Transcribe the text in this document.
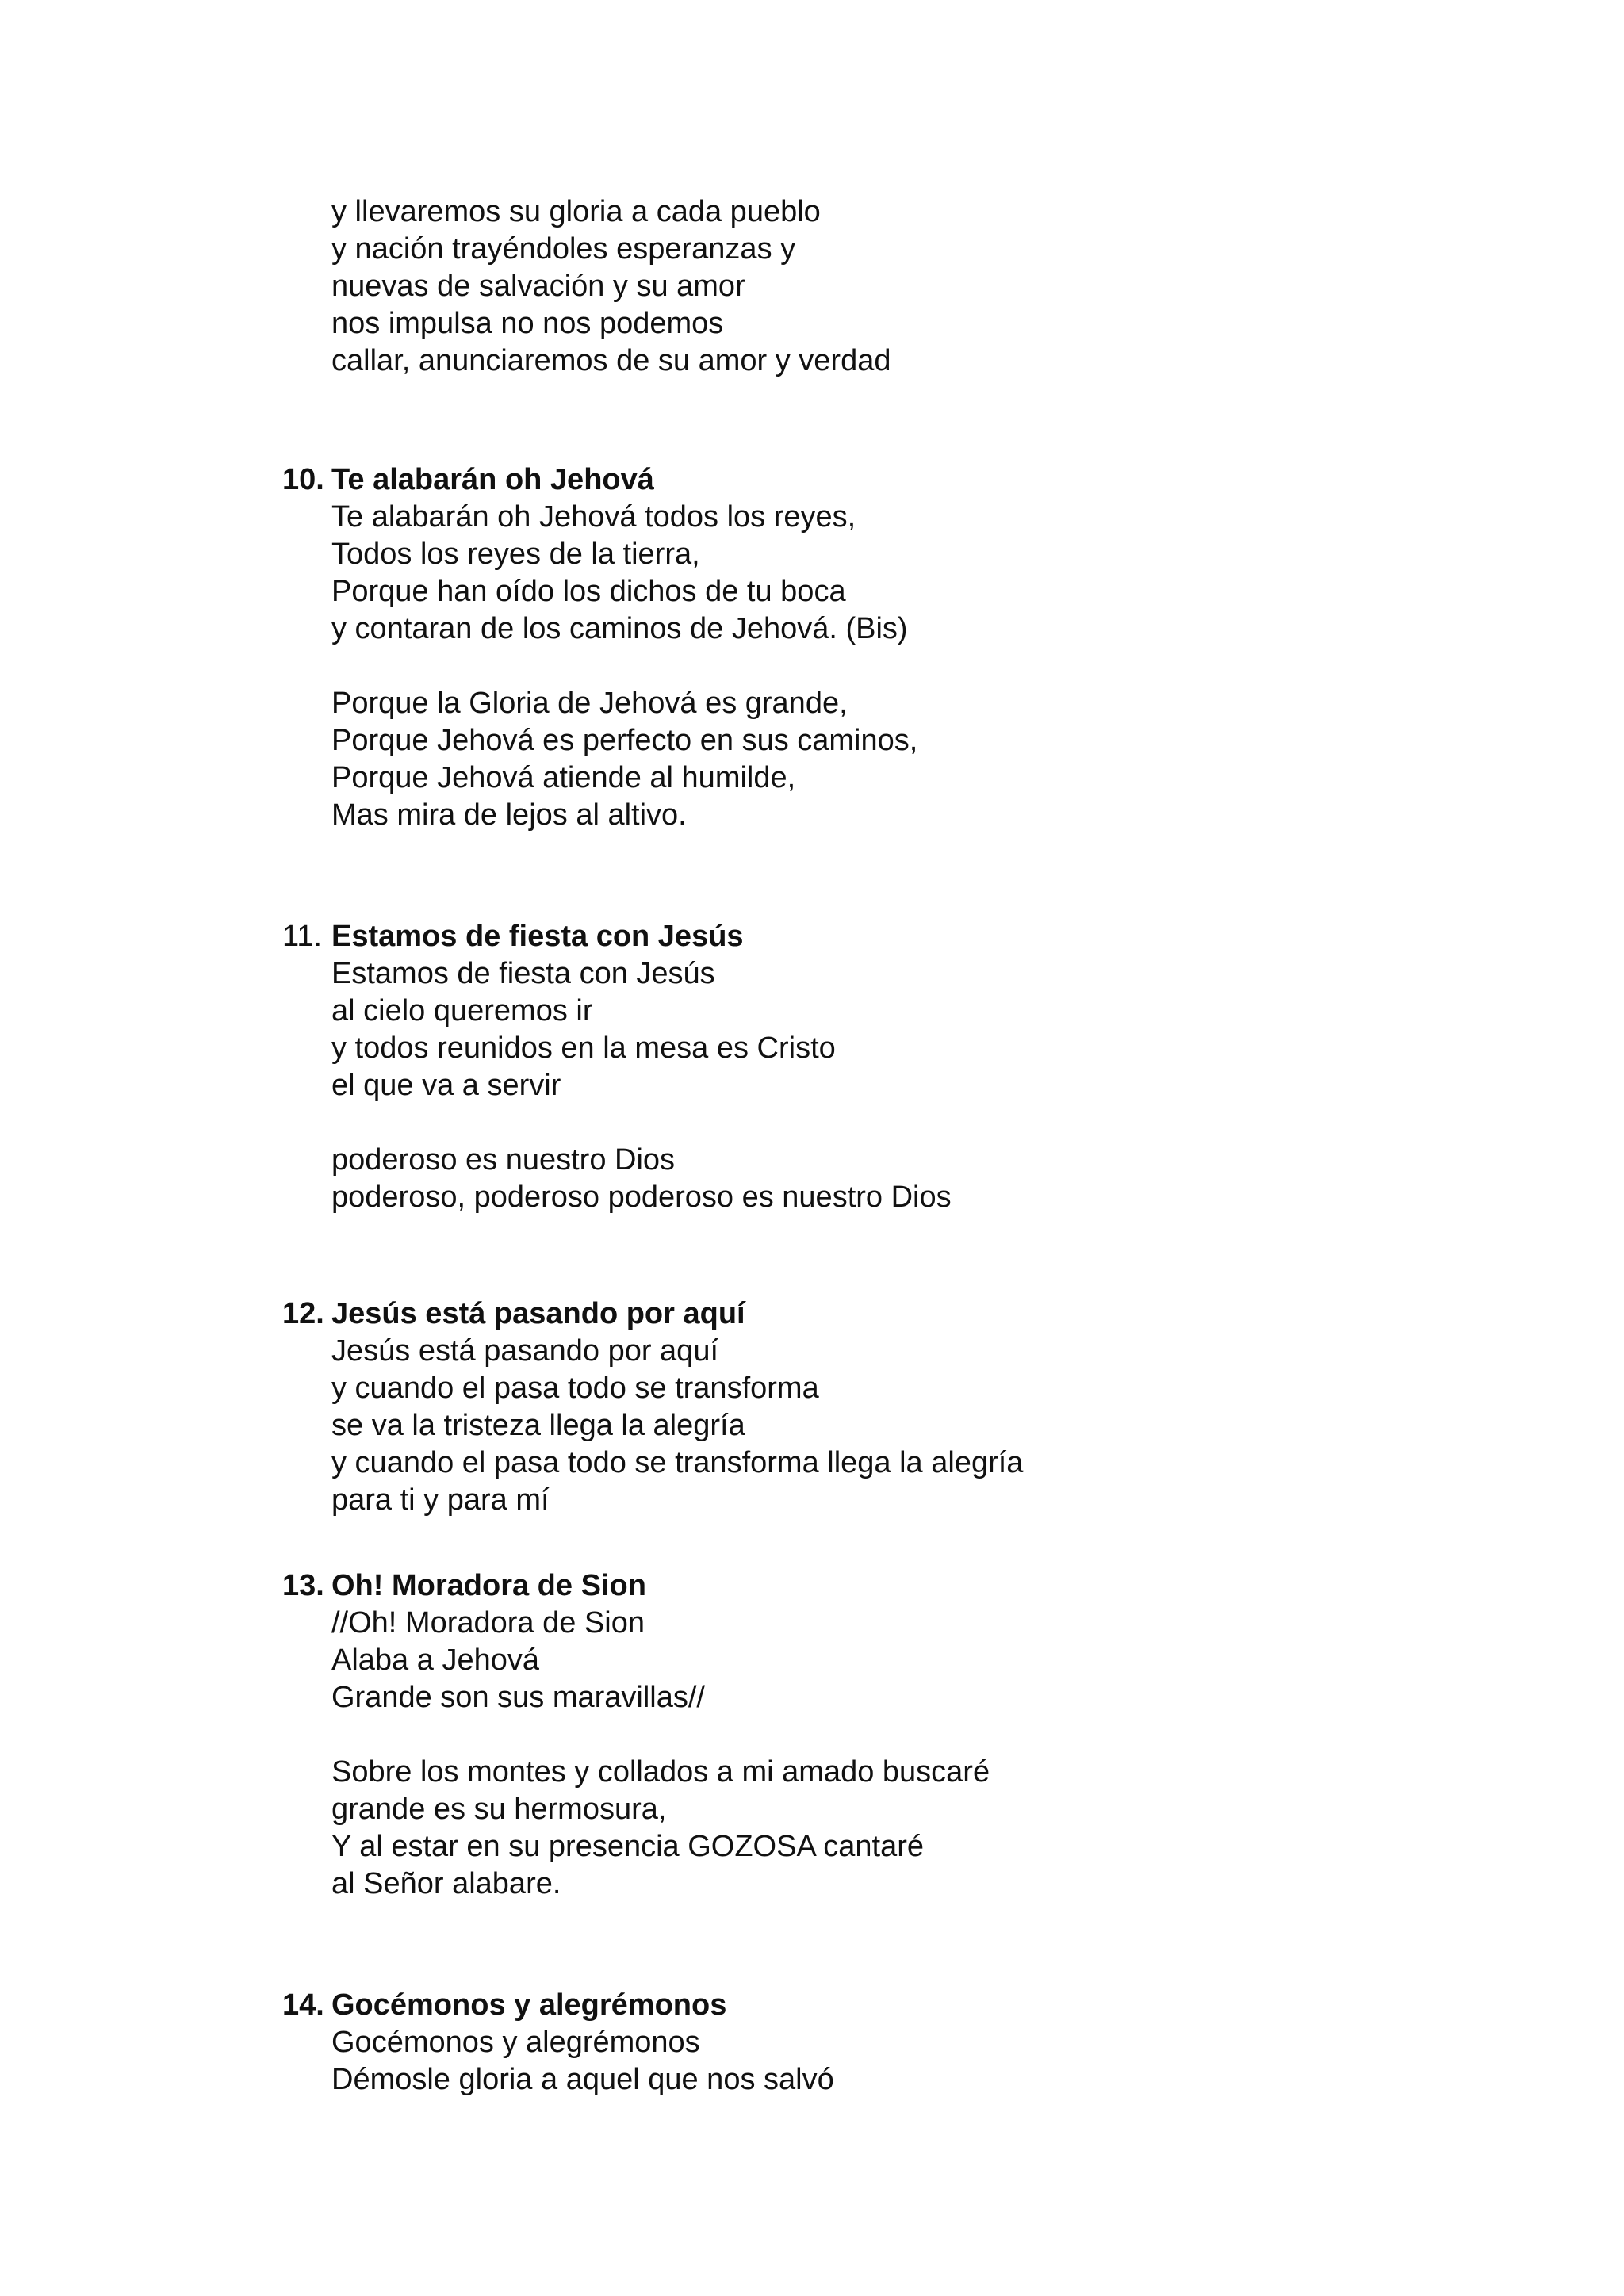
y llevaremos su gloria a cada pueblo

y nación trayéndoles esperanzas y

nuevas de salvación y su amor

nos impulsa no nos podemos

callar, anunciaremos de su amor y verdad

10. Te alabarán oh Jehová

Te alabarán oh Jehová todos los reyes,

Todos los reyes de la tierra,

Porque han oído los dichos de tu boca

y contaran de los caminos de Jehová. (Bis)

Porque la Gloria de Jehová es grande,

Porque Jehová es perfecto en sus caminos,

Porque Jehová atiende al humilde,

Mas mira de lejos al altivo.

11. Estamos de fiesta con Jesús

Estamos de fiesta con Jesús

al cielo queremos ir

y todos reunidos en la mesa es Cristo

el que va a servir

poderoso es nuestro Dios

poderoso, poderoso poderoso es nuestro Dios

12. Jesús está pasando por aquí

Jesús está pasando por aquí

y cuando el pasa todo se transforma

se va la tristeza llega la alegría

y cuando el pasa todo se transforma llega la alegría

para ti y para mí

13. Oh! Moradora de Sion

//Oh! Moradora de Sion

Alaba a Jehová

Grande son sus maravillas//

Sobre los montes y collados a mi amado buscaré

grande es su hermosura,

Y al estar en su presencia GOZOSA cantaré

al Señor alabare.

14. Gocémonos y alegrémonos

Gocémonos y alegrémonos

Démosle gloria a aquel que nos salvó
